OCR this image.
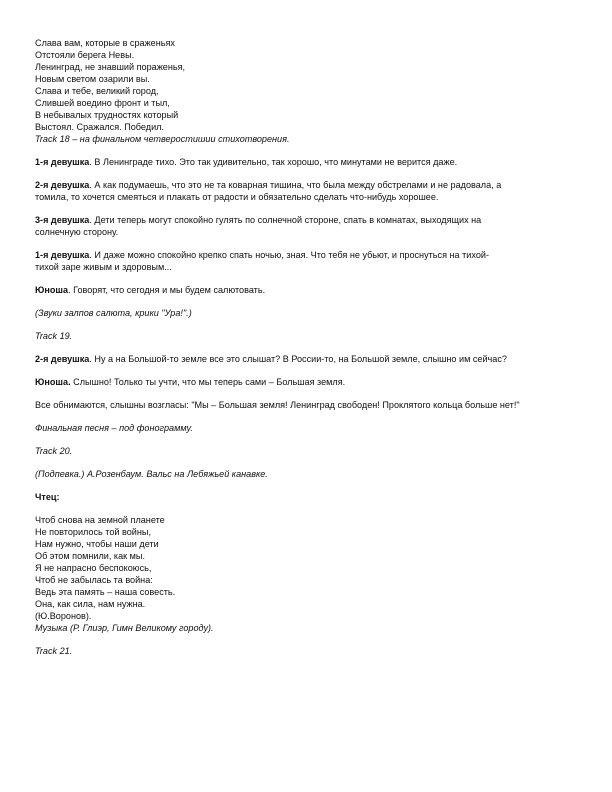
Слава вам, которые в сраженьях
Отстояли берега Невы.
Ленинград, не знавший пораженья,
Новым светом озарили вы.
Слава и тебе, великий город,
Слившей воедино фронт и тыл,
В небывалых трудностях который
Выстоял. Сражался. Победил.
Track 18 – на финальном четверостишии стихотворения.

1-я девушка. В Ленинграде тихо. Это так удивительно, так хорошо, что минутами не верится даже.

2-я девушка. А как подумаешь, что это не та коварная тишина, что была между обстрелами и не радовала, а
томила, то хочется смеяться и плакать от радости и обязательно сделать что-нибудь хорошее.

3-я девушка. Дети теперь могут спокойно гулять по солнечной стороне, спать в комнатах, выходящих на
солнечную сторону.

1-я девушка. И даже можно спокойно крепко спать ночью, зная. Что тебя не убьют, и проснуться на тихой-
тихой заре живым и здоровым...

Юноша. Говорят, что сегодня и мы будем салютовать.

(Звуки залпов салюта, крики "Ура!".)

Track 19.

2-я девушка. Ну а на Большой-то земле все это слышат? В России-то, на Большой земле, слышно им сейчас?

Юноша. Слышно! Только ты учти, что мы теперь сами – Большая земля.

Все обнимаются, слышны возгласы: "Мы – Большая земля! Ленинград свободен! Проклятого кольца больше нет!"

Финальная песня – под фонограмму.

Track 20.

(Подпевка.) А.Розенбаум. Вальс на Лебяжьей канавке.

Чтец:

Чтоб снова на земной планете
Не повторилось той войны,
Нам нужно, чтобы наши дети
Об этом помнили, как мы.
Я не напрасно беспокоюсь,
Чтоб не забылась та война:
Ведь эта память – наша совесть.
Она, как сила, нам нужна.
(Ю.Воронов).
Музыка (Р. Глиэр, Гимн Великому городу).

Track 21.
